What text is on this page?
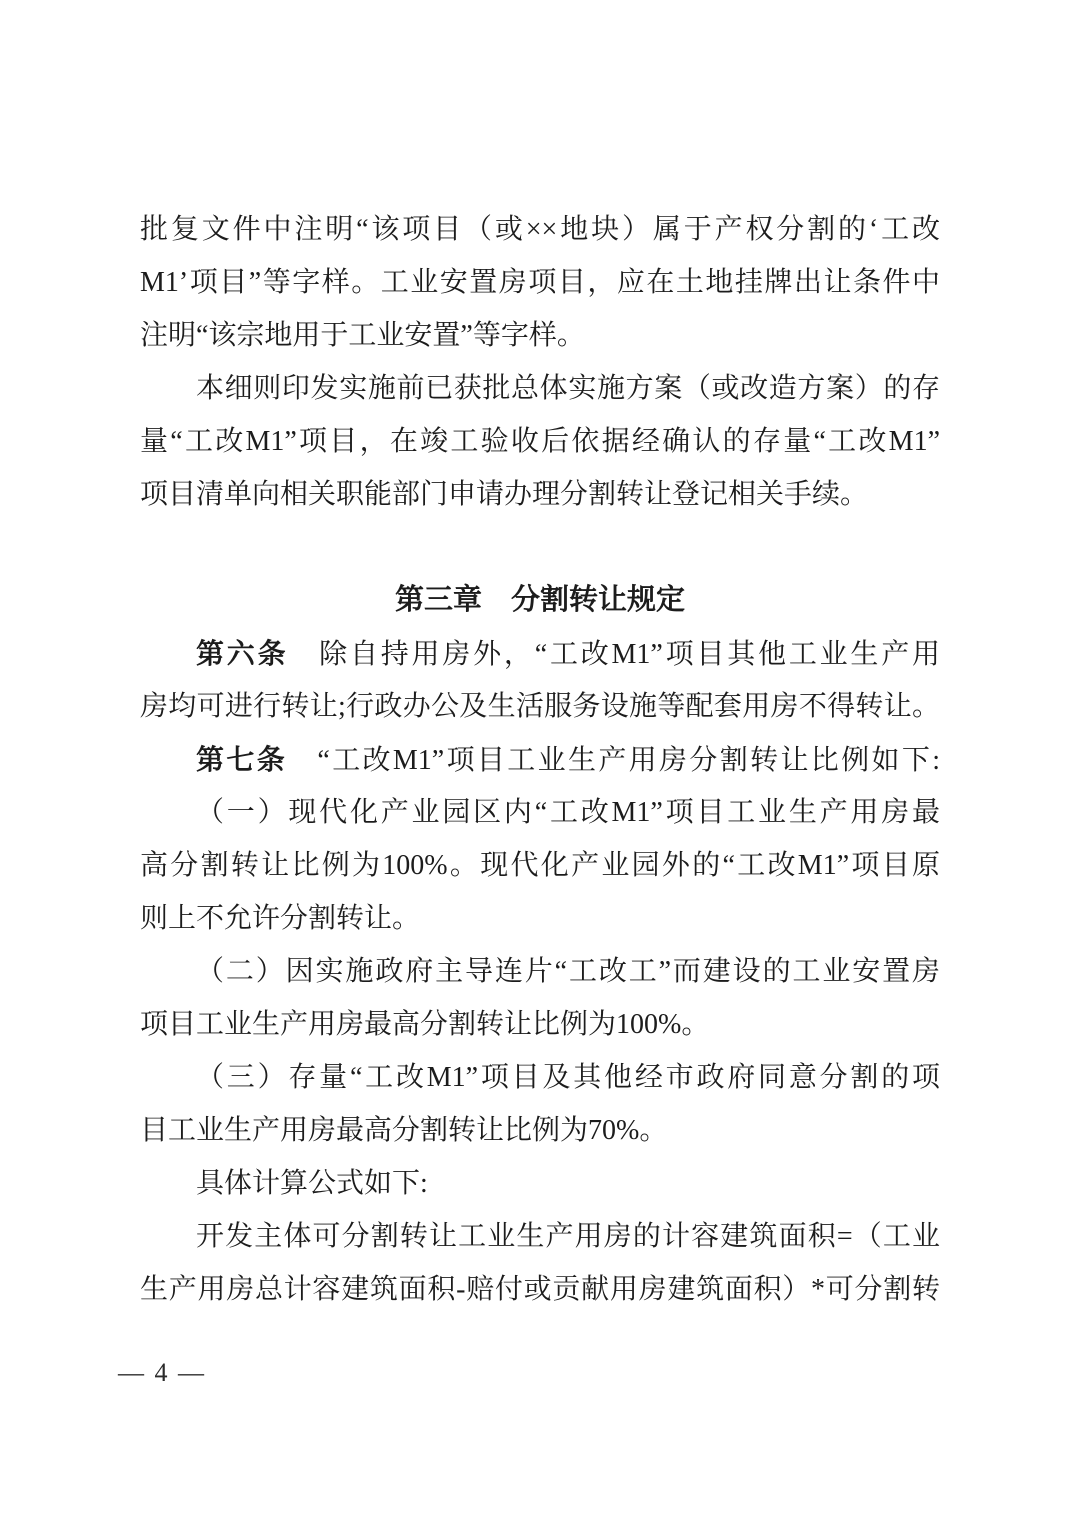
批复文件中注明“该项目（或××地块）属于产权分割的‘工改
M1’项目”等字样。工业安置房项目，应在土地挂牌出让条件中
注明“该宗地用于工业安置”等字样。
本细则印发实施前已获批总体实施方案（或改造方案）的存
量“工改M1”项目，在竣工验收后依据经确认的存量“工改M1”
项目清单向相关职能部门申请办理分割转让登记相关手续。
第三章　分割转让规定
第六条　除自持用房外，“工改M1”项目其他工业生产用
房均可进行转让;行政办公及生活服务设施等配套用房不得转让。
第七条　“工改M1”项目工业生产用房分割转让比例如下:
（一）现代化产业园区内“工改M1”项目工业生产用房最
高分割转让比例为100%。现代化产业园外的“工改M1”项目原
则上不允许分割转让。
（二）因实施政府主导连片“工改工”而建设的工业安置房
项目工业生产用房最高分割转让比例为100%。
（三）存量“工改M1”项目及其他经市政府同意分割的项
目工业生产用房最高分割转让比例为70%。
具体计算公式如下:
开发主体可分割转让工业生产用房的计容建筑面积=（工业
生产用房总计容建筑面积-赔付或贡献用房建筑面积）*可分割转
— 4 —
